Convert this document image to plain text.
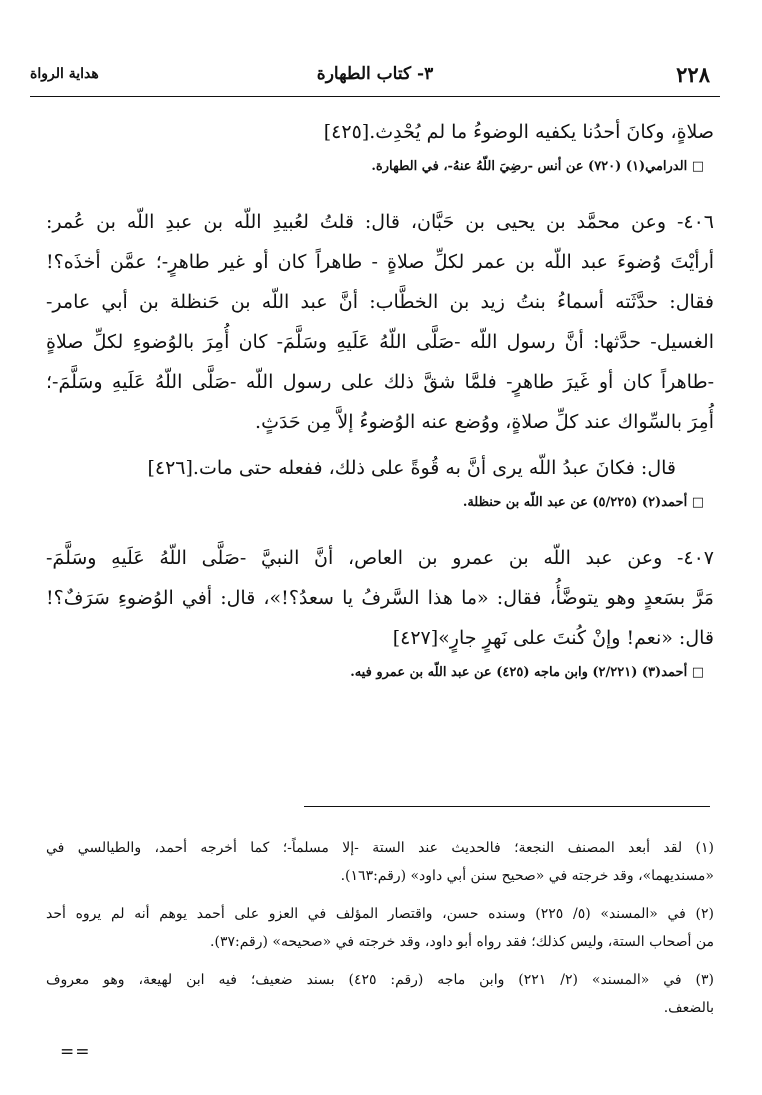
٢٢٨
٣- كتاب الطهارة
هداية الرواة
صلاةٍ، وكانَ أحدُنا يكفيه الوضوءُ ما لم يُحْدِث.[٤٢٥]
□ الدرامي(١) (٧٢٠) عن أنس -رضِيَ اللّهُ عنهُ-، في الطهارة.
٤٠٦- وعن محمَّد بن يحيى بن حَبَّان، قال: قلتُ لعُبيدِ اللّه بن عبدِ اللّه بن عُمر:
أرأيْتَ وُضوءَ عبد اللّه بن عمر لكلِّ صلاةٍ - طاهراً كان أو غير طاهرٍ-؛ عمَّن أخذَه؟!
فقال: حدَّثَته أسماءُ بنتُ زيد بن الخطَّاب: أنَّ عبد اللّه بن حَنظلة بن أبي عامر-
الغسيل- حدَّثها: أنَّ رسول اللّه -صَلَّى اللّهُ عَلَيهِ وسَلَّمَ- كان أُمِرَ بالوُضوءِ لكلِّ صلاةٍ
-طاهراً كان أو غَيرَ طاهرٍ- فلمَّا شقَّ ذلك على رسول اللّه -صَلَّى اللّهُ عَلَيهِ وسَلَّمَ-؛
أُمِرَ بالسِّواك عند كلِّ صلاةٍ، ووُضع عنه الوُضوءُ إلاَّ مِن حَدَثٍ.
قال: فكانَ عبدُ اللّه يرى أنَّ به قُوةً على ذلك، ففعله حتى مات.[٤٢٦]
□ أحمد(٢) (٥/٢٢٥) عن عبد اللّه بن حنظلة.
٤٠٧- وعن عبد اللّه بن عمرو بن العاص، أنَّ النبيَّ -صَلَّى اللّهُ عَلَيهِ وسَلَّمَ-
مَرَّ بسَعدٍ وهو يتوضَّأُ، فقال: «ما هذا السَّرفُ يا سعدُ؟!»، قال: أفي الوُضوءِ سَرَفٌ؟!
قال: «نعم! وإنْ كُنتَ على نَهرٍ جارٍ»[٤٢٧]
□ أحمد(٣) (٢/٢٢١) وابن ماجه (٤٢٥) عن عبد اللّه بن عمرو فيه.
(١) لقد أبعد المصنف النجعة؛ فالحديث عند الستة -إلا مسلماً-؛ كما أخرجه أحمد، والطيالسي في
«مسنديهما»، وقد خرجته في «صحيح سنن أبي داود» (رقم:١٦٣).
(٢) في «المسند» (٥/ ٢٢٥) وسنده حسن، واقتصار المؤلف في العزو على أحمد يوهم أنه لم يروه أحد
من أصحاب الستة، وليس كذلك؛ فقد رواه أبو داود، وقد خرجته في «صحيحه» (رقم:٣٧).
(٣) في «المسند» (٢/ ٢٢١) وابن ماجه (رقم: ٤٢٥) بسند ضعيف؛ فيه ابن لهيعة، وهو معروف
بالضعف.
==
